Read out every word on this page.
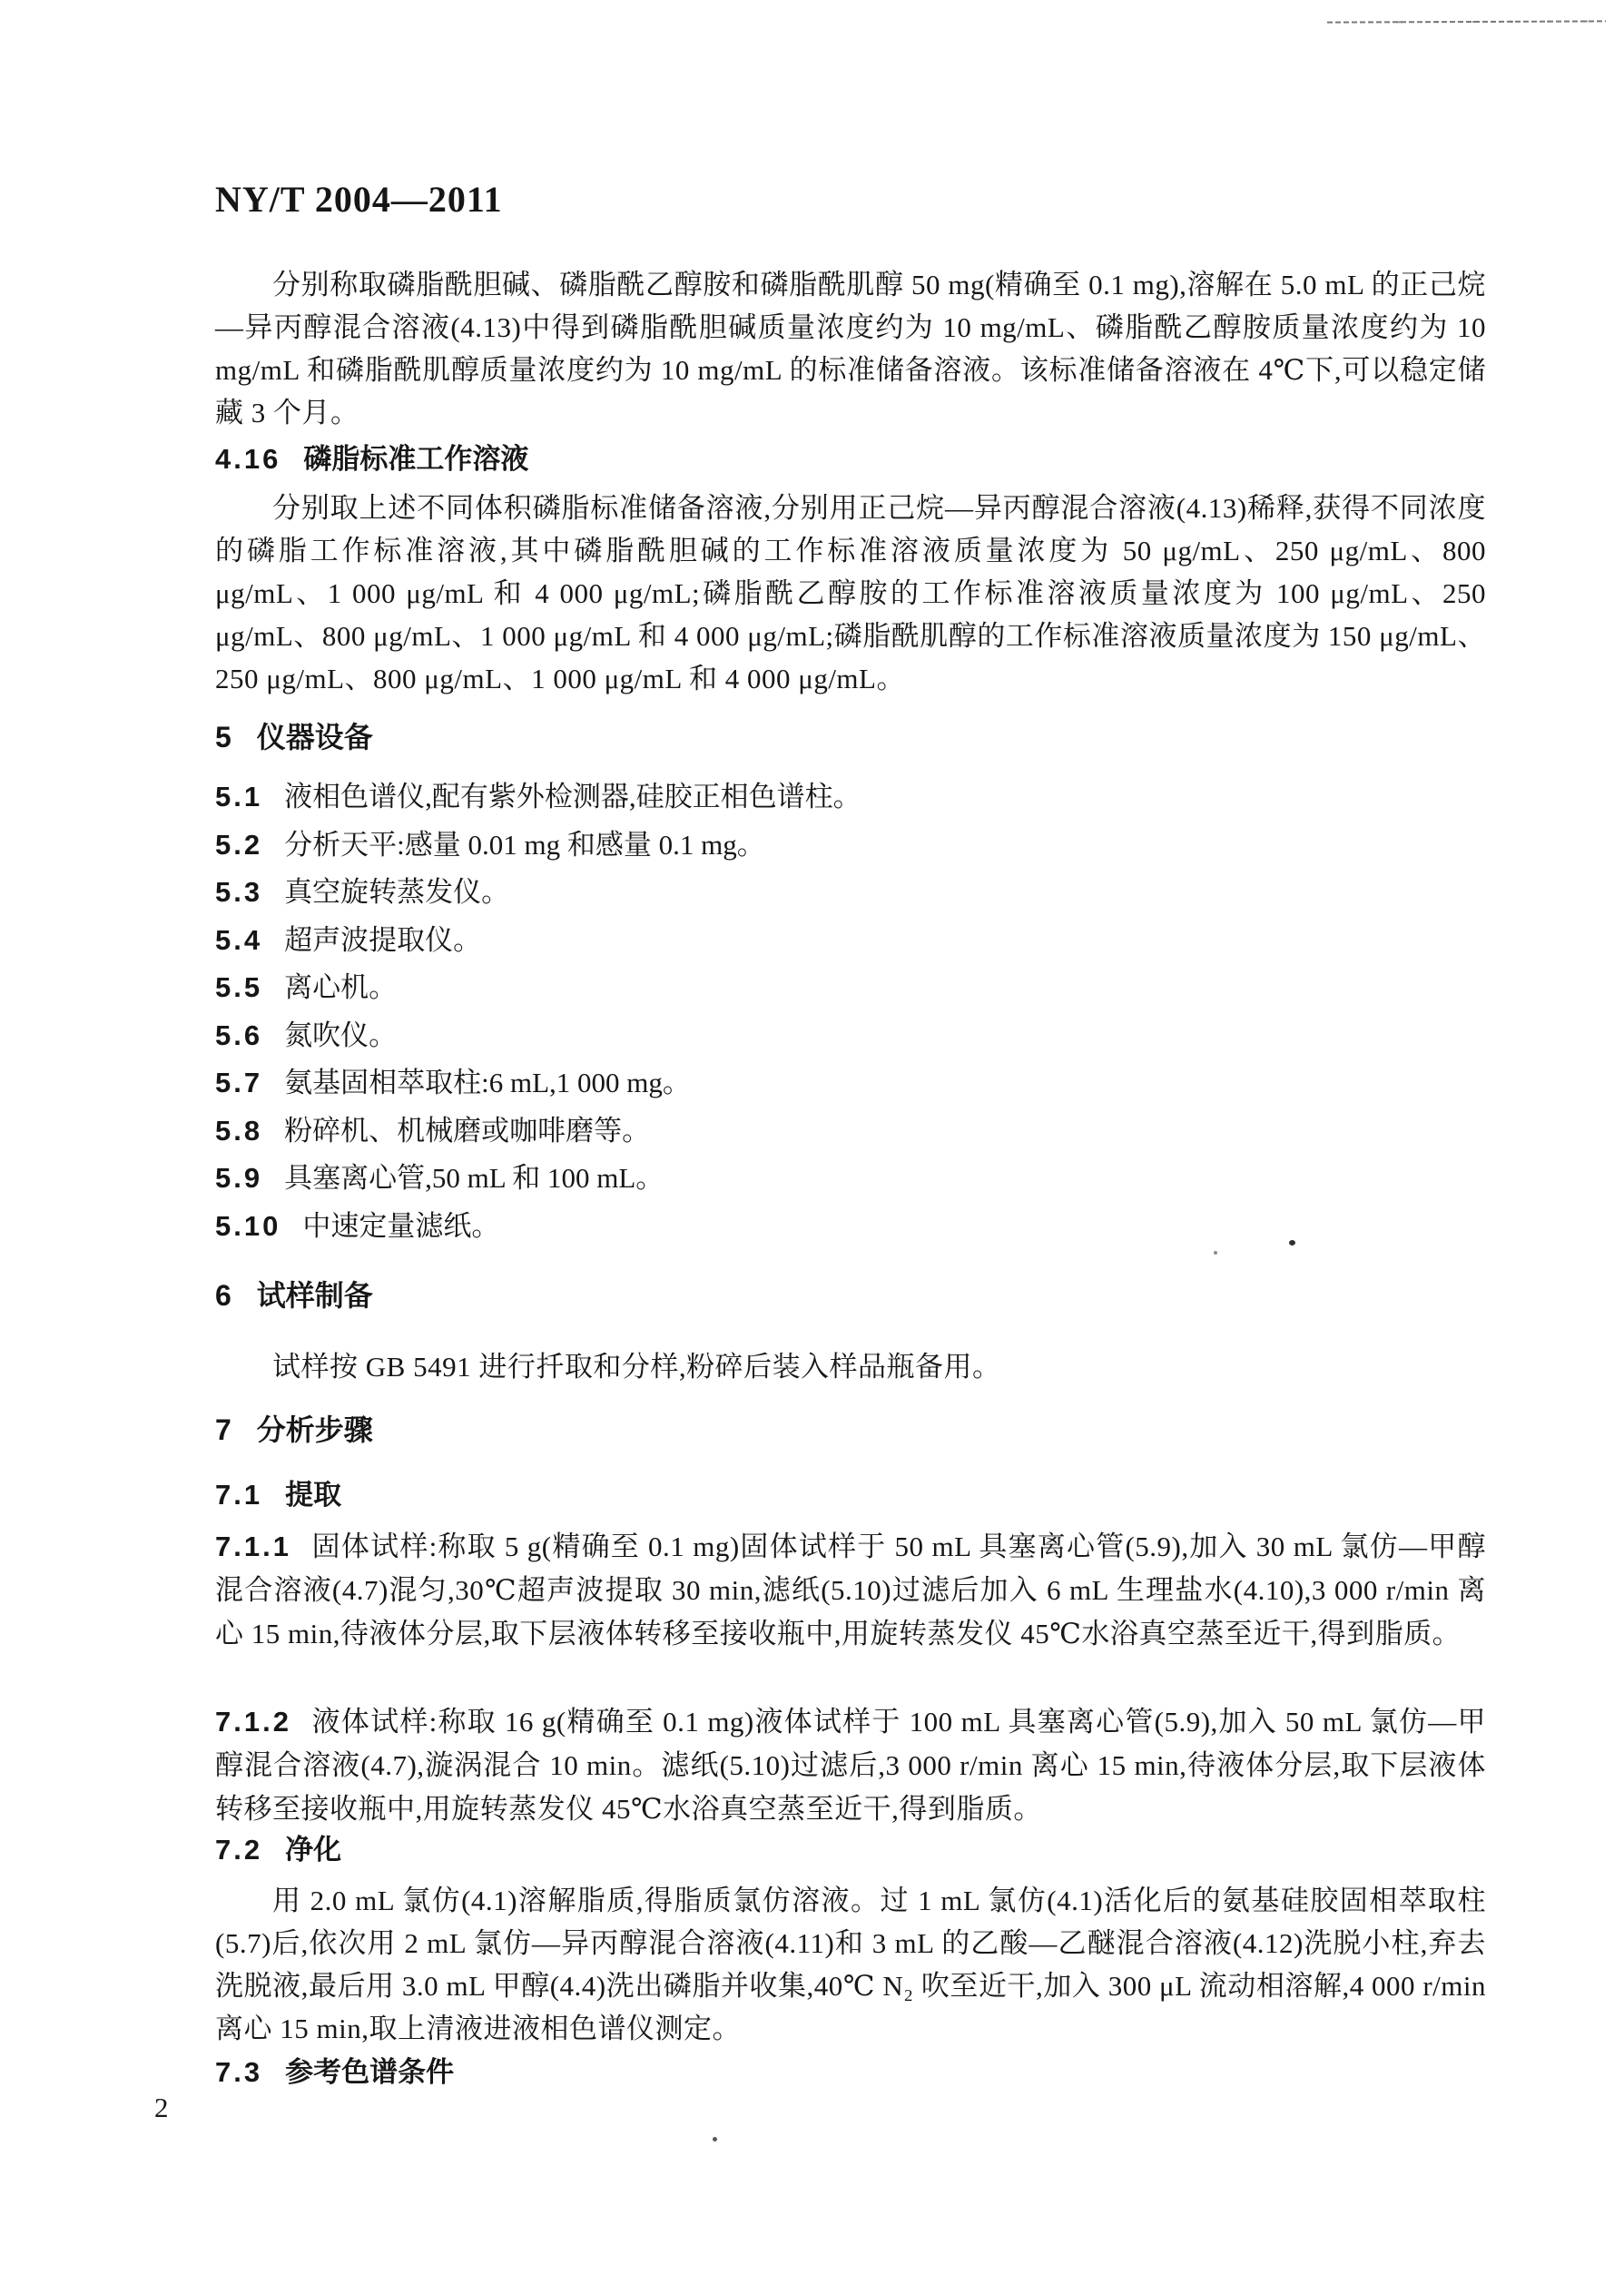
NY/T 2004—2011

分别称取磷脂酰胆碱、磷脂酰乙醇胺和磷脂酰肌醇 50 mg(精确至 0.1 mg),溶解在 5.0 mL 的正己烷—异丙醇混合溶液(4.13)中得到磷脂酰胆碱质量浓度约为 10 mg/mL、磷脂酰乙醇胺质量浓度约为 10 mg/mL 和磷脂酰肌醇质量浓度约为 10 mg/mL 的标准储备溶液。该标准储备溶液在 4℃下,可以稳定储藏 3 个月。

4.16 磷脂标准工作溶液

分别取上述不同体积磷脂标准储备溶液,分别用正己烷—异丙醇混合溶液(4.13)稀释,获得不同浓度的磷脂工作标准溶液,其中磷脂酰胆碱的工作标准溶液质量浓度为 50 μg/mL、250 μg/mL、800 μg/mL、1 000 μg/mL 和 4 000 μg/mL;磷脂酰乙醇胺的工作标准溶液质量浓度为 100 μg/mL、250 μg/mL、800 μg/mL、1 000 μg/mL 和 4 000 μg/mL;磷脂酰肌醇的工作标准溶液质量浓度为 150 μg/mL、250 μg/mL、800 μg/mL、1 000 μg/mL 和 4 000 μg/mL。

5 仪器设备
5.1 液相色谱仪,配有紫外检测器,硅胶正相色谱柱。
5.2 分析天平:感量 0.01 mg 和感量 0.1 mg。
5.3 真空旋转蒸发仪。
5.4 超声波提取仪。
5.5 离心机。
5.6 氮吹仪。
5.7 氨基固相萃取柱:6 mL,1 000 mg。
5.8 粉碎机、机械磨或咖啡磨等。
5.9 具塞离心管,50 mL 和 100 mL。
5.10 中速定量滤纸。
6 试样制备

试样按 GB 5491 进行扦取和分样,粉碎后装入样品瓶备用。

7 分析步骤
7.1 提取

7.1.1 固体试样:称取 5 g(精确至 0.1 mg)固体试样于 50 mL 具塞离心管(5.9),加入 30 mL 氯仿—甲醇混合溶液(4.7)混匀,30℃超声波提取 30 min,滤纸(5.10)过滤后加入 6 mL 生理盐水(4.10),3 000 r/min 离心 15 min,待液体分层,取下层液体转移至接收瓶中,用旋转蒸发仪 45℃水浴真空蒸至近干,得到脂质。

7.1.2 液体试样:称取 16 g(精确至 0.1 mg)液体试样于 100 mL 具塞离心管(5.9),加入 50 mL 氯仿—甲醇混合溶液(4.7),漩涡混合 10 min。滤纸(5.10)过滤后,3 000 r/min 离心 15 min,待液体分层,取下层液体转移至接收瓶中,用旋转蒸发仪 45℃水浴真空蒸至近干,得到脂质。

7.2 净化

用 2.0 mL 氯仿(4.1)溶解脂质,得脂质氯仿溶液。过 1 mL 氯仿(4.1)活化后的氨基硅胶固相萃取柱(5.7)后,依次用 2 mL 氯仿—异丙醇混合溶液(4.11)和 3 mL 的乙酸—乙醚混合溶液(4.12)洗脱小柱,弃去洗脱液,最后用 3.0 mL 甲醇(4.4)洗出磷脂并收集,40℃ N₂ 吹至近干,加入 300 μL 流动相溶解,4 000 r/min 离心 15 min,取上清液进液相色谱仪测定。

7.3 参考色谱条件
2
